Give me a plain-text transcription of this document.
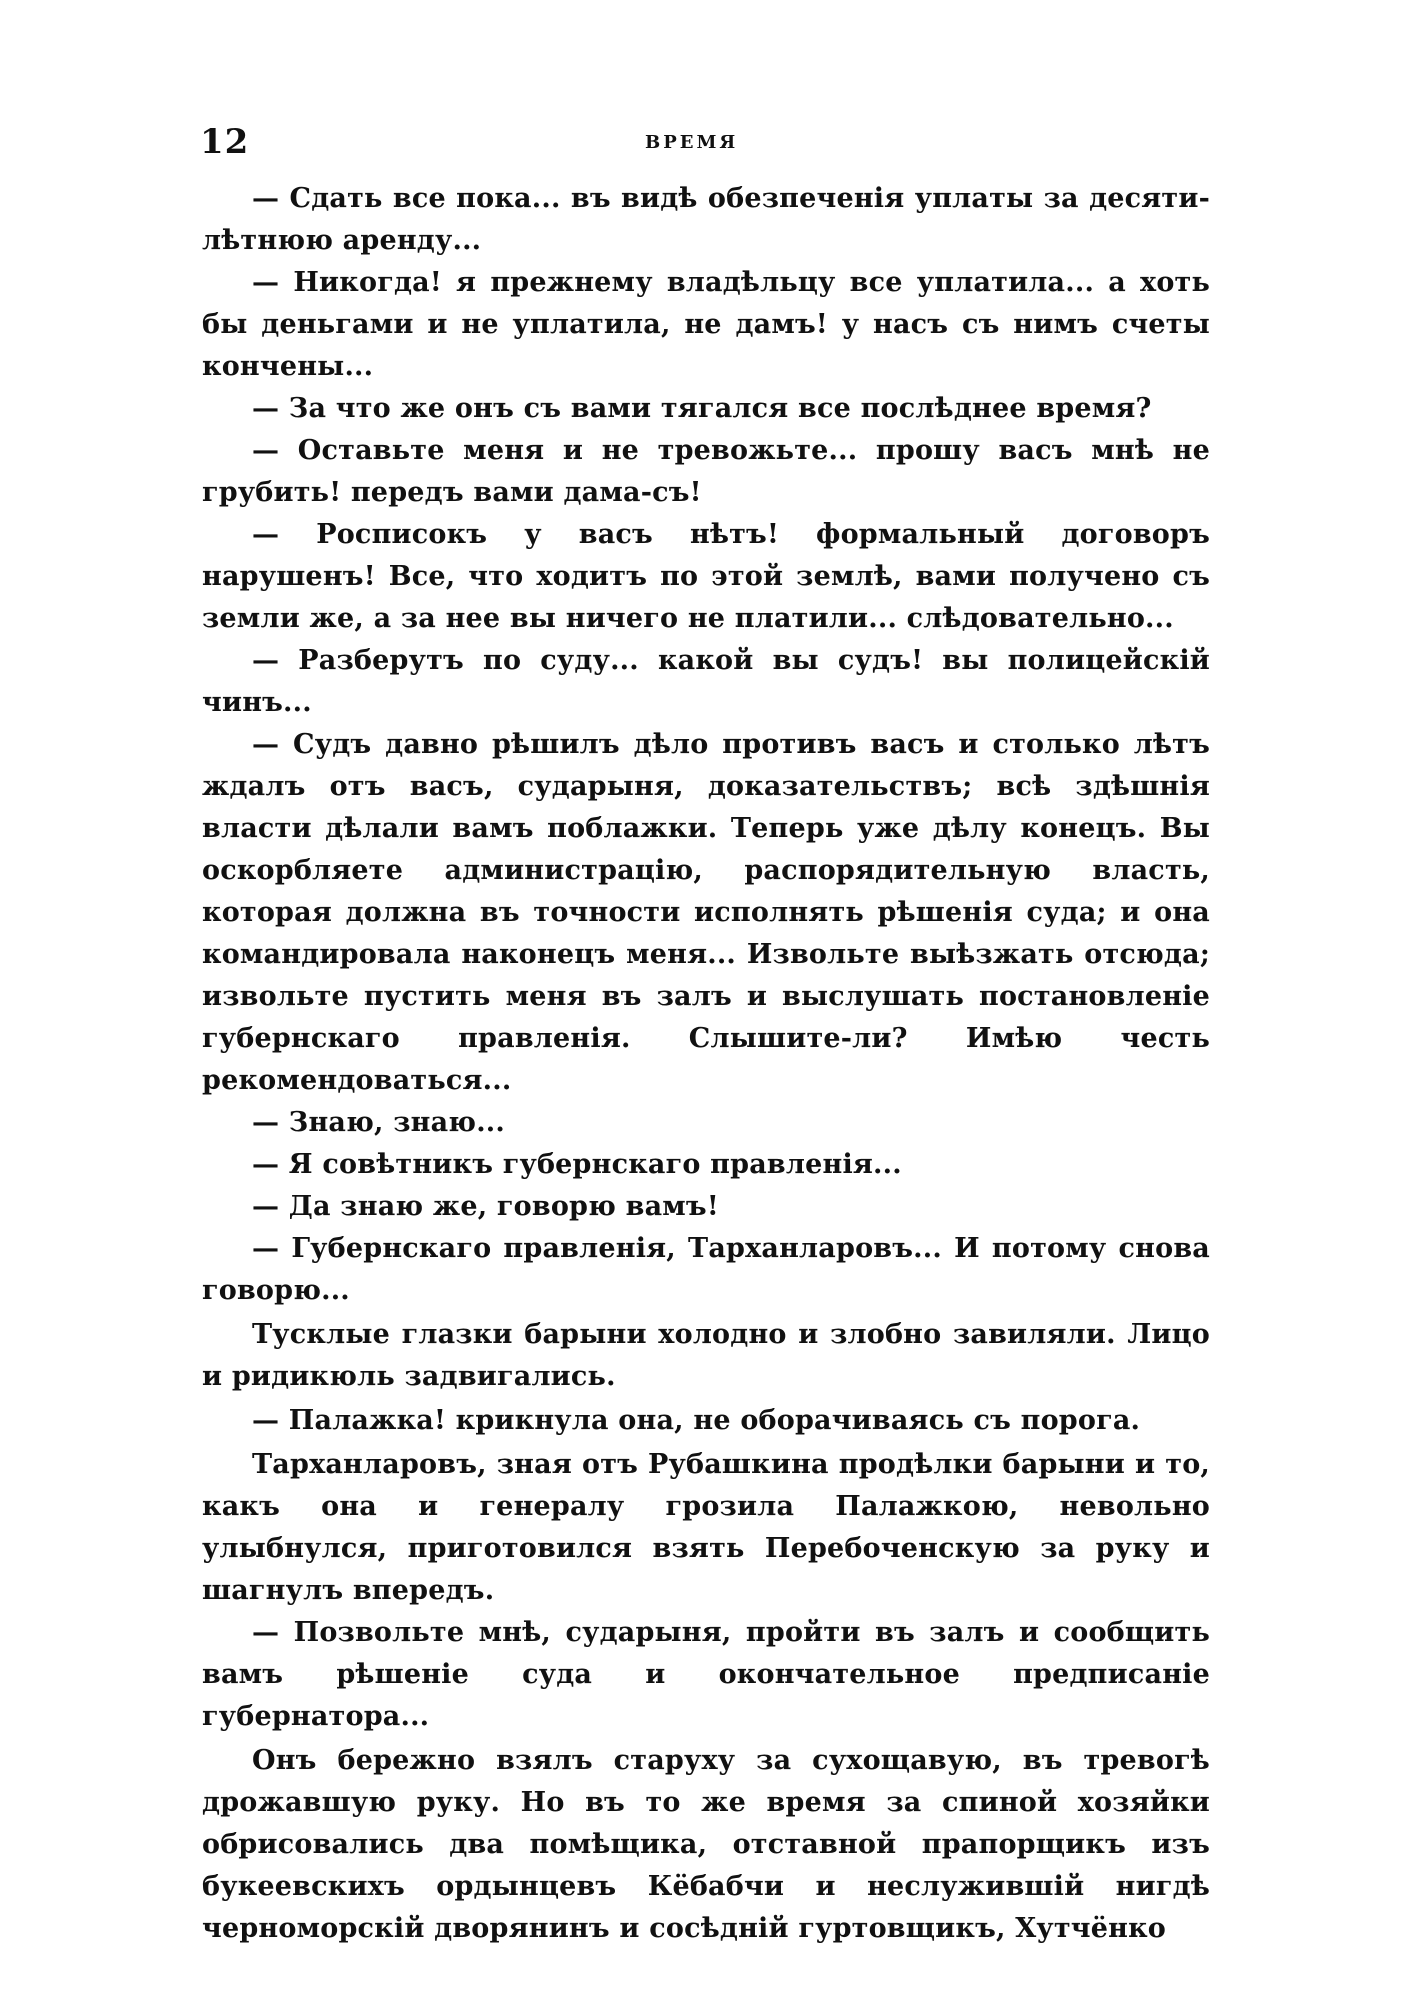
12	ВРЕМЯ

— Сдать все пока... въ видѣ обезпеченія уплаты за десяти-лѣтнюю аренду...

— Никогда! я прежнему владѣльцу все уплатила... а хоть бы деньгами и не уплатила, не дамъ! у насъ съ нимъ счеты кончены...

— За что же онъ съ вами тягался все послѣднее время?

— Оставьте меня и не тревожьте... прошу васъ мнѣ не грубить! передъ вами дама-съ!

— Росписокъ у васъ нѣтъ! формальный договоръ нарушенъ! Все, что ходитъ по этой землѣ, вами получено съ земли же, а за нее вы ничего не платили... слѣдовательно...

— Разберутъ по суду... какой вы судъ! вы полицейскій чинъ...

— Судъ давно рѣшилъ дѣло противъ васъ и столько лѣтъ ждалъ отъ васъ, сударыня, доказательствъ; всѣ здѣшнія власти дѣлали вамъ поблажки. Теперь уже дѣлу конецъ. Вы оскорбляете администрацію, распорядительную власть, которая должна въ точности исполнять рѣшенія суда; и она командировала наконецъ меня... Извольте выѣзжать отсюда; извольте пустить меня въ залъ и выслушать постановленіе губернскаго правленія. Слышите-ли? Имѣю честь рекомендоваться...

— Знаю, знаю...

— Я совѣтникъ губернскаго правленія...

— Да знаю же, говорю вамъ!

— Губернскаго правленія, Тарханларовъ... И потому снова говорю...

Тусклые глазки барыни холодно и злобно завиляли. Лицо и ридикюль задвигались.

— Палажка! крикнула она, не оборачиваясь съ порога.

Тарханларовъ, зная отъ Рубашкина продѣлки барыни и то, какъ она и генералу грозила Палажкою, невольно улыбнулся, приготовился взять Перебоченскую за руку и шагнулъ впередъ.

— Позвольте мнѣ, сударыня, пройти въ залъ и сообщить вамъ рѣшеніе суда и окончательное предписаніе губернатора...

Онъ бережно взялъ старуху за сухощавую, въ тревогѣ дрожавшую руку. Но въ то же время за спиной хозяйки обрисовались два помѣщика, отставной прапорщикъ изъ букеевскихъ ордынцевъ Кёбабчи и неслужившій нигдѣ черноморскій дворянинъ и сосѣдній гуртовщикъ, Хутчёнко
